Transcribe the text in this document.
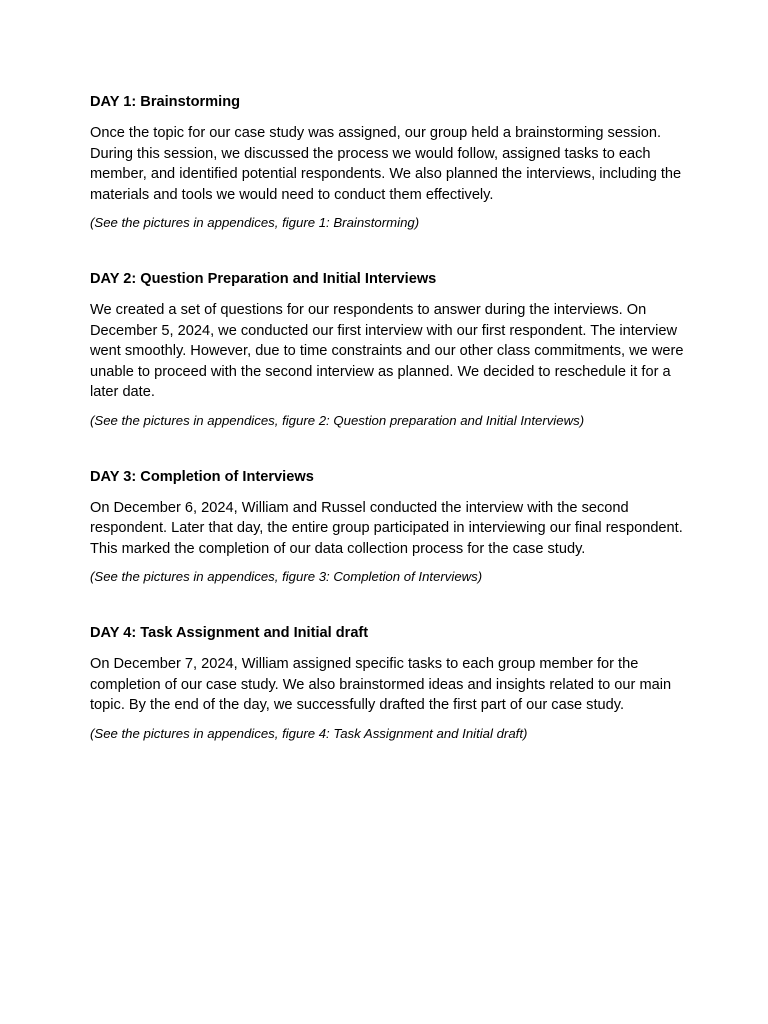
DAY 1: Brainstorming
Once the topic for our case study was assigned, our group held a brainstorming session. During this session, we discussed the process we would follow, assigned tasks to each member, and identified potential respondents. We also planned the interviews, including the materials and tools we would need to conduct them effectively.
(See the pictures in appendices, figure 1: Brainstorming)
DAY 2: Question Preparation and Initial Interviews
We created a set of questions for our respondents to answer during the interviews. On December 5, 2024, we conducted our first interview with our first respondent. The interview went smoothly. However, due to time constraints and our other class commitments, we were unable to proceed with the second interview as planned. We decided to reschedule it for a later date.
(See the pictures in appendices, figure 2: Question preparation and Initial Interviews)
DAY 3: Completion of Interviews
On December 6, 2024, William and Russel conducted the interview with the second respondent. Later that day, the entire group participated in interviewing our final respondent. This marked the completion of our data collection process for the case study.
(See the pictures in appendices, figure 3: Completion of Interviews)
DAY 4: Task Assignment and Initial draft
On December 7, 2024, William assigned specific tasks to each group member for the completion of our case study. We also brainstormed ideas and insights related to our main topic. By the end of the day, we successfully drafted the first part of our case study.
(See the pictures in appendices, figure 4: Task Assignment and Initial draft)
